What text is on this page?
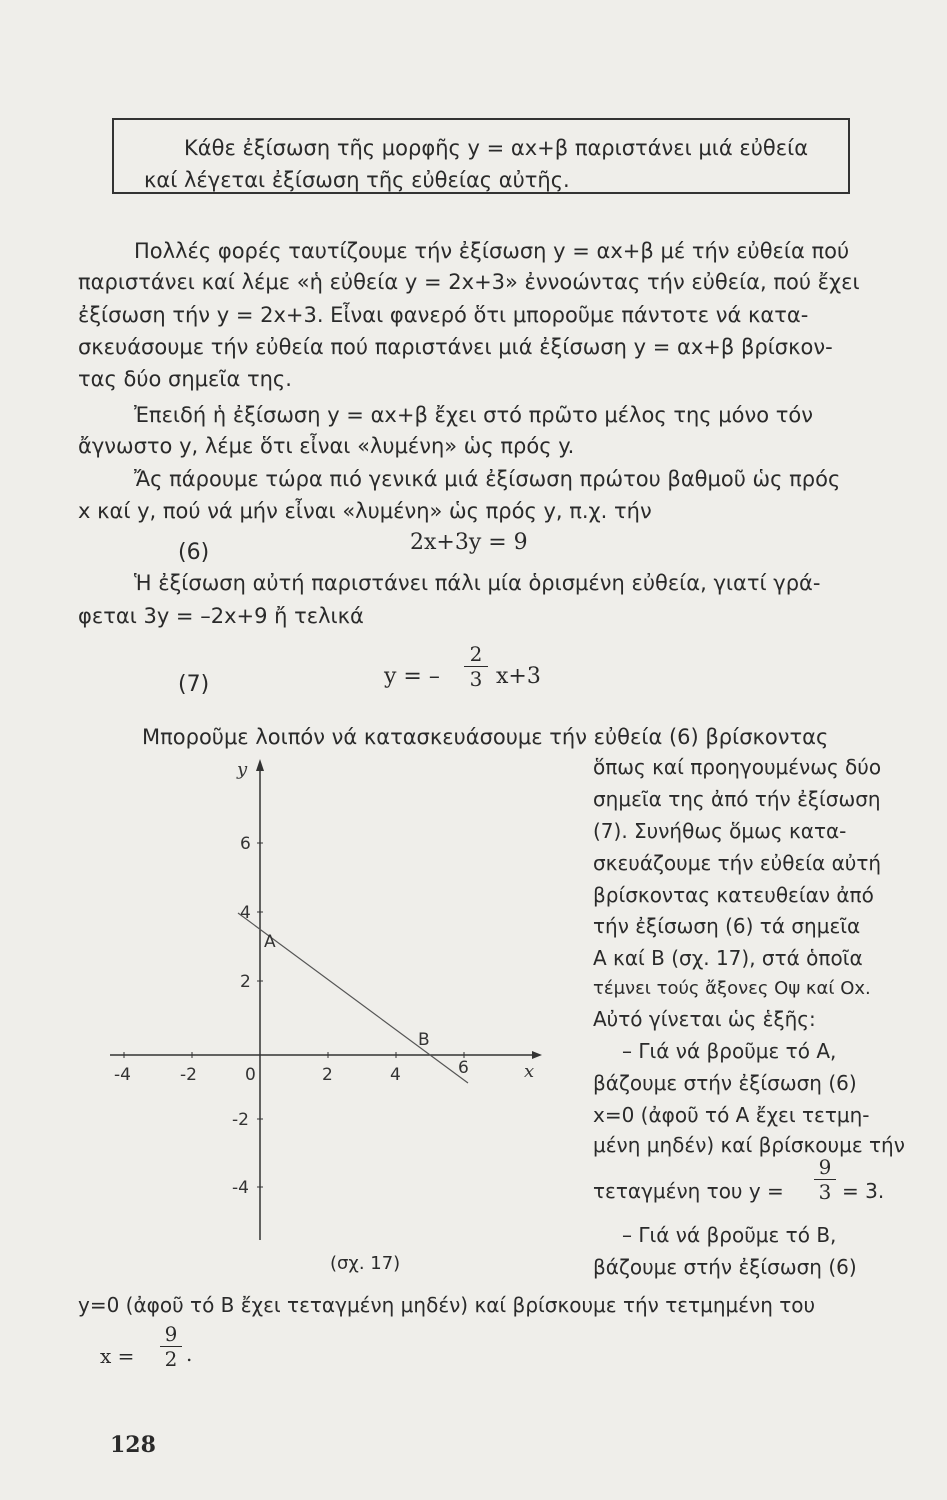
Κάθε ἐξίσωση τῆς μορφῆς y = αx+β παριστάνει μιά εὐθεία
καί λέγεται ἐξίσωση τῆς εὐθείας αὐτῆς.
Πολλές φορές ταυτίζουμε τήν ἐξίσωση y = αx+β μέ τήν εὐθεία πού
παριστάνει καί λέμε «ἡ εὐθεία y = 2x+3» ἐννοώντας τήν εὐθεία, πού ἔχει
ἐξίσωση τήν y = 2x+3. Εἶναι φανερό ὅτι μποροῦμε πάντοτε νά κατα-
σκευάσουμε τήν εὐθεία πού παριστάνει μιά ἐξίσωση y = αx+β βρίσκον-
τας δύο σημεῖα της.
Ἐπειδή ἡ ἐξίσωση y = αx+β ἔχει στό πρῶτο μέλος της μόνο τόν
ἄγνωστο y, λέμε ὅτι εἶναι «λυμένη» ὡς πρός y.
Ἄς πάρουμε τώρα πιό γενικά μιά ἐξίσωση πρώτου βαθμοῦ ὡς πρός
x καί y, πού νά μήν εἶναι «λυμένη» ὡς πρός y, π.χ. τήν
(6)	2x+3y = 9
Ἡ ἐξίσωση αὐτή παριστάνει πάλι μία ὁρισμένη εὐθεία, γιατί γρά-
φεται 3y = –2x+9 ἤ τελικά
(7)	y = – $\frac{2}{3} x+3$
Μποροῦμε λοιπόν νά κατασκευάσουμε τήν εὐθεία (6) βρίσκοντας
ὅπως καί προηγουμένως δύο
σημεῖα της ἀπό τήν ἐξίσωση
(7). Συνήθως ὅμως κατα-
σκευάζουμε τήν εὐθεία αὐτή
βρίσκοντας κατευθείαν ἀπό
τήν ἐξίσωση (6) τά σημεῖα
A καί B (σχ. 17), στά ὁποῖα
τέμνει τούς ἄξονες Oψ καί Ox.
Αὐτό γίνεται ὡς ἑξῆς:
– Γιά νά βροῦμε τό A,
βάζουμε στήν ἐξίσωση (6)
x=0 (ἀφοῦ τό A ἔχει τετμη-
μένη μηδέν) καί βρίσκουμε τήν
τεταγμένη του $y = \frac{9}{3} = 3$.
– Γιά νά βροῦμε τό B,
βάζουμε στήν ἐξίσωση (6)
y=0 (ἀφοῦ τό B ἔχει τεταγμένη μηδέν) καί βρίσκουμε τήν τετμημένη του
$x = \frac{9}{2}$ .
-4	-2	0	2	4	6
6
4
2
-2
-4
A
B
x
y
(σχ. 17)
128
